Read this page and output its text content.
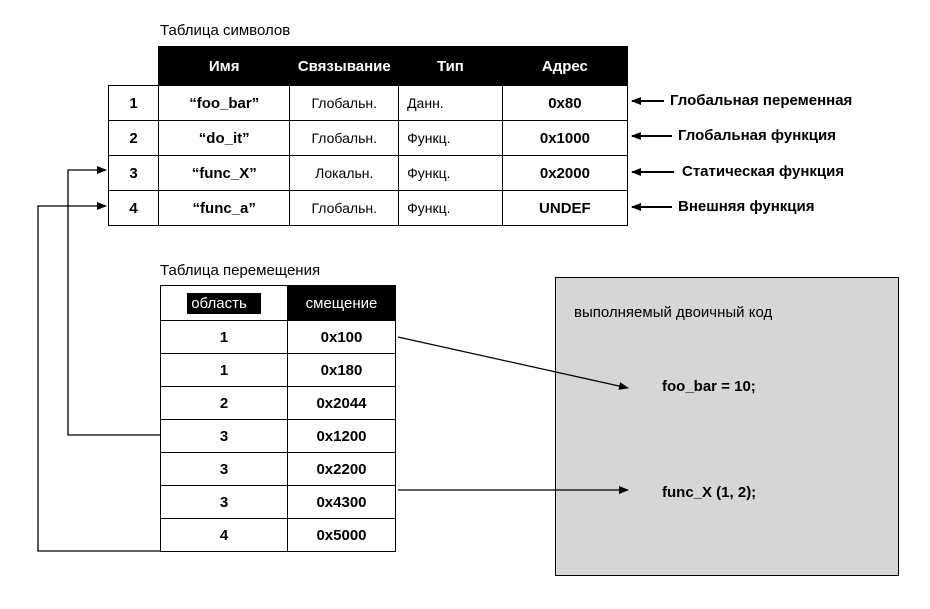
Таблица символов
	Имя	Связывание	Тип	Адрес
1	“foo_bar”	Глобальн.	Данн.	0x80
2	“do_it”	Глобальн.	Функц.	0x1000
3	“func_X”	Локальн.	Функц.	0x2000
4	“func_a”	Глобальн.	Функц.	UNDEF
Глобальная переменная
Глобальная функция
Статическая функция
Внешняя функция
Таблица перемещения
область	смещение
1	0x100
1	0x180
2	0x2044
3	0x1200
3	0x2200
3	0x4300
4	0x5000
выполняемый двоичный код
foo_bar = 10;
func_X (1, 2);
